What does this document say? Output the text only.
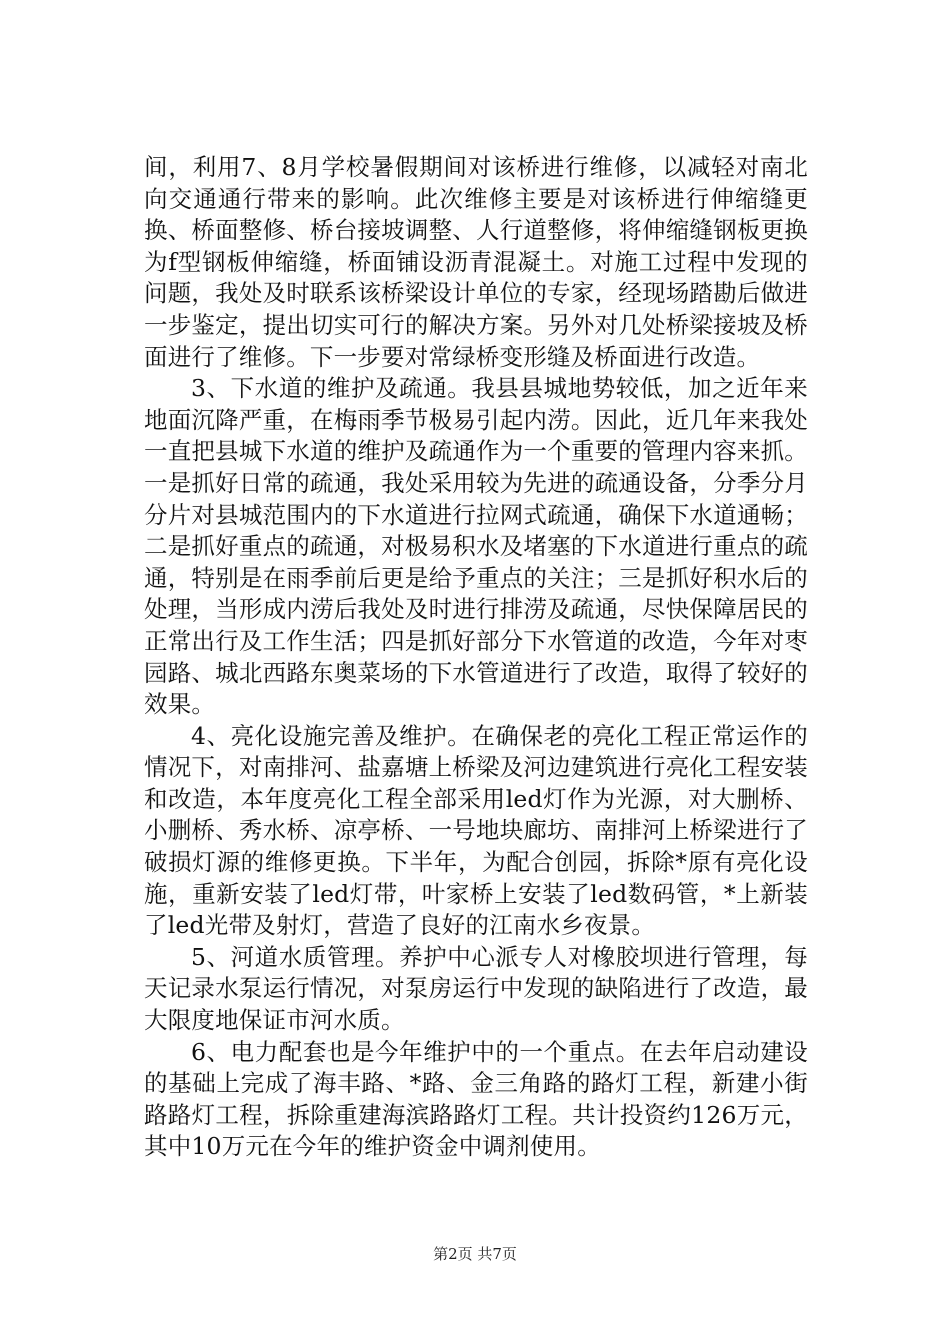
间，利用7、8月学校暑假期间对该桥进行维修，以减轻对南北向交通通行带来的影响。此次维修主要是对该桥进行伸缩缝更换、桥面整修、桥台接坡调整、人行道整修，将伸缩缝钢板更换为f型钢板伸缩缝，桥面铺设沥青混凝土。对施工过程中发现的问题，我处及时联系该桥梁设计单位的专家，经现场踏勘后做进一步鉴定，提出切实可行的解决方案。另外对几处桥梁接坡及桥面进行了维修。下一步要对常绿桥变形缝及桥面进行改造。

3、下水道的维护及疏通。我县县城地势较低，加之近年来地面沉降严重，在梅雨季节极易引起内涝。因此，近几年来我处一直把县城下水道的维护及疏通作为一个重要的管理内容来抓。一是抓好日常的疏通，我处采用较为先进的疏通设备，分季分月分片对县城范围内的下水道进行拉网式疏通，确保下水道通畅；二是抓好重点的疏通，对极易积水及堵塞的下水道进行重点的疏通，特别是在雨季前后更是给予重点的关注；三是抓好积水后的处理，当形成内涝后我处及时进行排涝及疏通，尽快保障居民的正常出行及工作生活；四是抓好部分下水管道的改造，今年对枣园路、城北西路东奥菜场的下水管道进行了改造，取得了较好的效果。

4、亮化设施完善及维护。在确保老的亮化工程正常运作的情况下，对南排河、盐嘉塘上桥梁及河边建筑进行亮化工程安装和改造，本年度亮化工程全部采用led灯作为光源，对大删桥、小删桥、秀水桥、凉亭桥、一号地块廊坊、南排河上桥梁进行了破损灯源的维修更换。下半年，为配合创园，拆除*原有亮化设施，重新安装了led灯带，叶家桥上安装了led数码管，*上新装了led光带及射灯，营造了良好的江南水乡夜景。

5、河道水质管理。养护中心派专人对橡胶坝进行管理，每天记录水泵运行情况，对泵房运行中发现的缺陷进行了改造，最大限度地保证市河水质。

6、电力配套也是今年维护中的一个重点。在去年启动建设的基础上完成了海丰路、*路、金三角路的路灯工程，新建小街路路灯工程，拆除重建海滨路路灯工程。共计投资约126万元，其中10万元在今年的维护资金中调剂使用。

第2页 共7页
